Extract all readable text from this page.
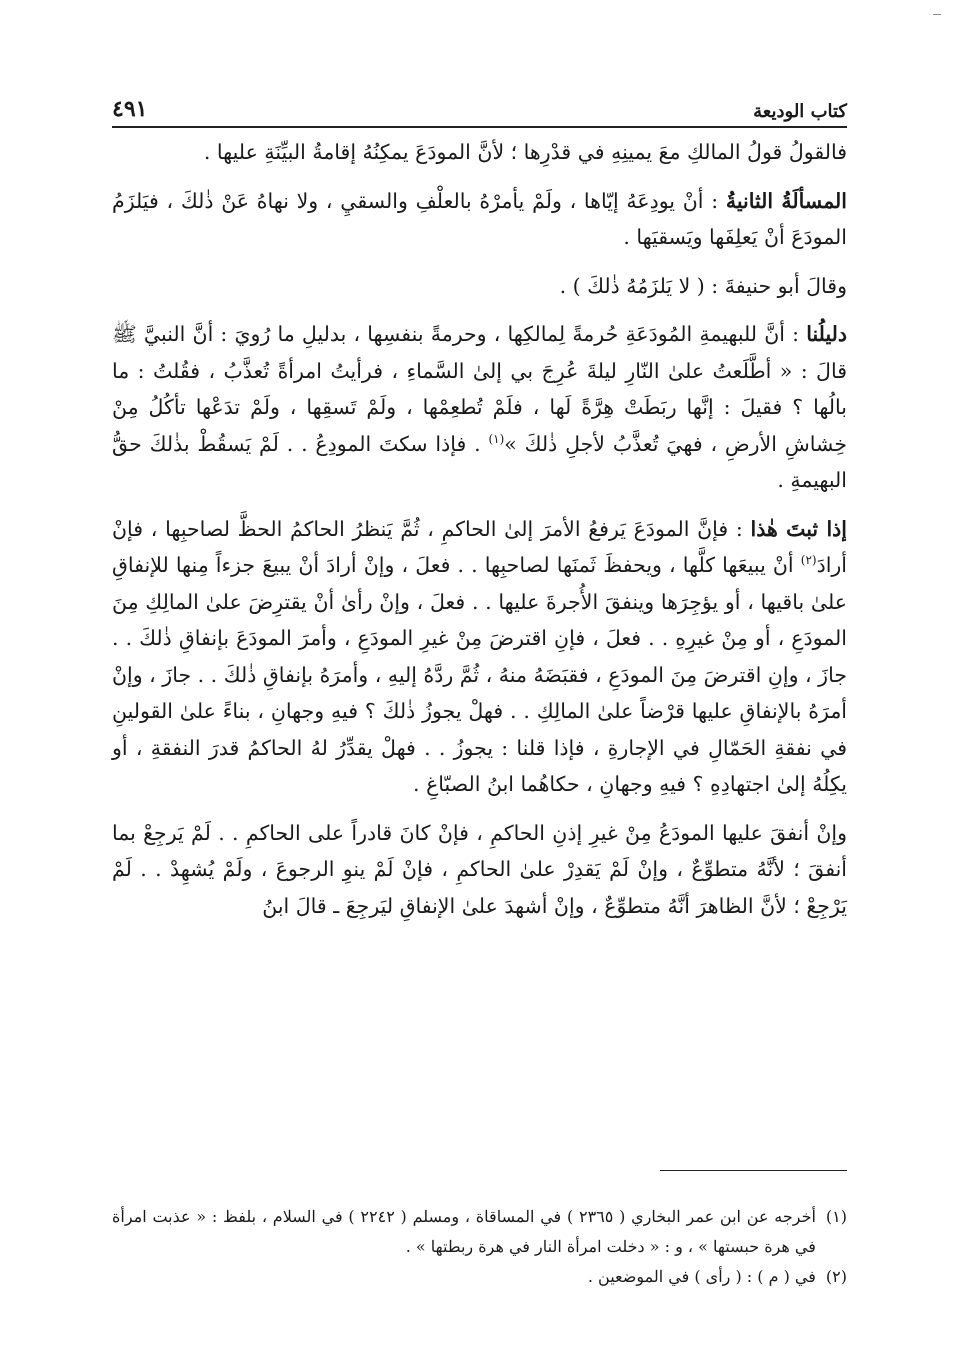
كتاب الوديعة
٤٩١

فالقولُ قولُ المالكِ معَ يمينِهِ في قدْرِها ؛ لأنَّ المودَعَ يمكِنُهُ إقامةُ البيِّنَةِ عليها .

المسألَةُ الثانيةُ : أنْ يودِعَهُ إيّاها ، ولَمْ يأمرْهُ بالعلْفِ والسقيِ ، ولا نهاهُ عَنْ ذٰلكَ ، فيَلزَمُ المودَعَ أنْ يَعلِفَها ويَسقيَها .

وقالَ أبو حنيفةَ : ( لا يَلزَمُهُ ذٰلكَ ) .

دليلُنا : أنَّ للبهيمةِ المُودَعَةِ حُرمةً لِمالكِها ، وحرمةً بنفسِها ، بدليلِ ما رُويَ : أنَّ النبيَّ ﷺ قالَ : « أطَّلَعتُ علىٰ النّارِ ليلةَ عُرِجَ بي إلىٰ السَّماءِ ، فرأيتُ امرأةً تُعذَّبُ ، فقُلتُ : ما بالُها ؟ فقيلَ : إنَّها ربَطَتْ هِرَّةً لَها ، فلَمْ تُطعِمْها ، ولَمْ تَسقِها ، ولَمْ تدَعْها تأكُلُ مِنْ خِشاشِ الأرضِ ، فهيَ تُعذَّبُ لأجلِ ذٰلكَ »$^{(١)}$ . فإذا سكتَ المودِعُ . . لَمْ يَسقُطْ بذٰلكَ حقُّ البهيمةِ .

إذا ثبتَ هٰذا : فإنَّ المودَعَ يَرفعُ الأمرَ إلىٰ الحاكمِ ، ثُمَّ يَنظرُ الحاكمُ الحظَّ لصاحبِها ، فإنْ أرادَ$^{(٢)}$ أنْ يبيعَها كلَّها ، ويحفظَ ثَمنَها لصاحبِها . . فعلَ ، وإنْ أرادَ أنْ يبيعَ جزءاً مِنها للإنفاقِ علىٰ باقيها ، أو يؤجِرَها وينفقَ الأُجرةَ عليها . . فعلَ ، وإنْ رأىٰ أنْ يقترِضَ علىٰ المالِكِ مِنَ المودَعِ ، أو مِنْ غيرِهِ . . فعلَ ، فإنِ اقترضَ مِنْ غيرِ المودَعِ ، وأمرَ المودَعَ بإنفاقِ ذٰلكَ . . جازَ ، وإنِ اقترضَ مِنَ المودَعِ ، فقبَضَهُ منهُ ، ثُمَّ ردَّهُ إليهِ ، وأمرَهُ بإنفاقِ ذٰلكَ . . جازَ ، وإنْ أمرَهُ بالإنفاقِ عليها قرْضاً علىٰ المالِكِ . . فهلْ يجوزُ ذٰلكَ ؟ فيهِ وجهانِ ، بناءً علىٰ القولينِ في نفقةِ الحَمّالِ في الإجارةِ ، فإذا قلنا : يجوزُ . . فهلْ يقدِّرُ لهُ الحاكمُ قدرَ النفقةِ ، أو يكِلُهُ إلىٰ اجتهادِهِ ؟ فيهِ وجهانِ ، حكاهُما ابنُ الصبّاغِ .

وإنْ أنفقَ عليها المودَعُ مِنْ غيرِ إذنِ الحاكمِ ، فإنْ كانَ قادراً على الحاكمِ . . لَمْ يَرجِعْ بما أنفقَ ؛ لأنَّهُ متطوِّعٌ ، وإنْ لَمْ يَقدِرْ علىٰ الحاكمِ ، فإنْ لَمْ ينوِ الرجوعَ ، ولَمْ يُشهِدْ . . لَمْ يَرْجِعْ ؛ لأنَّ الظاهرَ أنَّهُ متطوِّعٌ ، وإنْ أشهدَ علىٰ الإنفاقِ ليَرجِعَ ـ قالَ ابنُ

(١)
أخرجه عن ابن عمر البخاري ( ٢٣٦٥ ) في المساقاة ، ومسلم ( ٢٢٤٢ ) في السلام ، بلفظ : « عذبت امرأة في هرة حبستها » ، و : « دخلت امرأة النار في هرة ربطتها » .
(٢)
في ( م ) : ( رأى ) في الموضعين .
